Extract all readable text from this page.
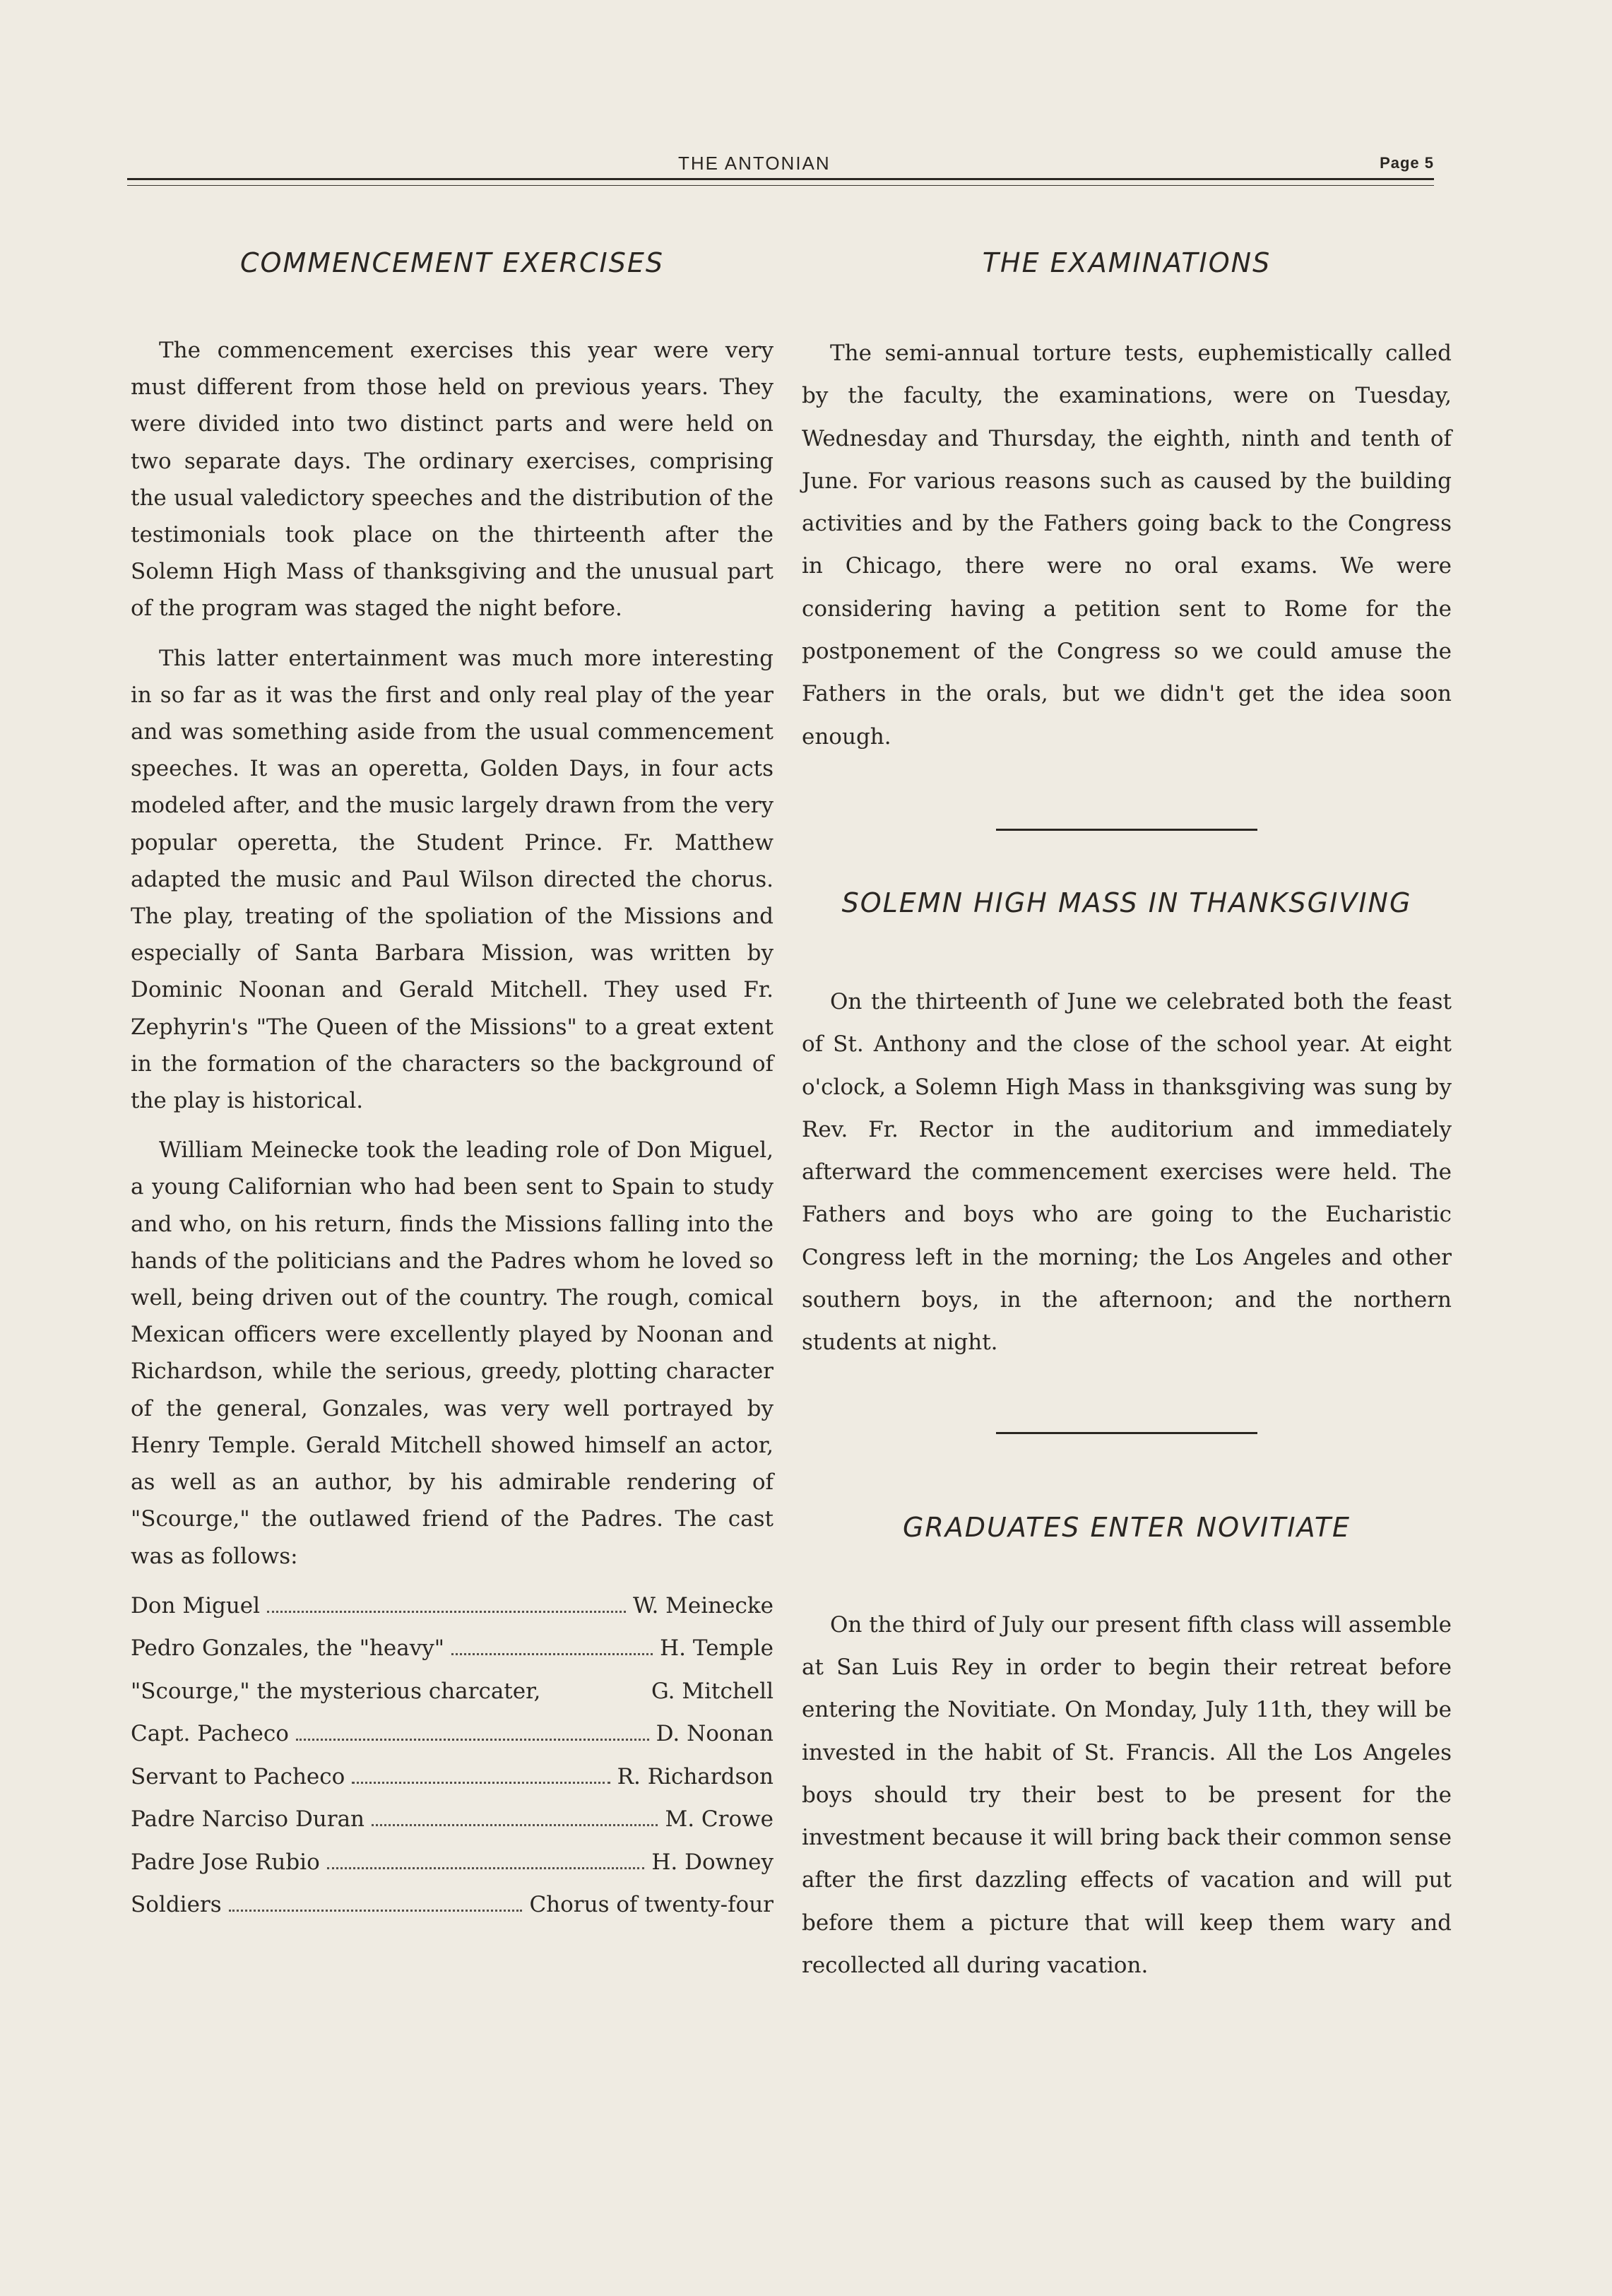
THE ANTONIAN	Page 5
COMMENCEMENT EXERCISES

The commencement exercises this year were very must different from those held on previous years. They were divided into two distinct parts and were held on two separate days. The ordinary exercises, comprising the usual valedictory speeches and the distribution of the testimonials took place on the thirteenth after the Solemn High Mass of thanksgiving and the unusual part of the program was staged the night before.

This latter entertainment was much more interesting in so far as it was the first and only real play of the year and was something aside from the usual commencement speeches. It was an operetta, Golden Days, in four acts modeled after, and the music largely drawn from the very popular operetta, the Student Prince. Fr. Matthew adapted the music and Paul Wilson directed the chorus. The play, treating of the spoliation of the Missions and especially of Santa Barbara Mission, was written by Dominic Noonan and Gerald Mitchell. They used Fr. Zephyrin's "The Queen of the Missions" to a great extent in the formation of the characters so the background of the play is historical.

William Meinecke took the leading role of Don Miguel, a young Californian who had been sent to Spain to study and who, on his return, finds the Missions falling into the hands of the politicians and the Padres whom he loved so well, being driven out of the country. The rough, comical Mexican officers were excellently played by Noonan and Richardson, while the serious, greedy, plotting character of the general, Gonzales, was very well portrayed by Henry Temple. Gerald Mitchell showed himself an actor, as well as an author, by his admirable rendering of "Scourge," the outlawed friend of the Padres. The cast was as follows:

Don Miguel	W. Meinecke
Pedro Gonzales, the "heavy"	H. Temple
"Scourge," the mysterious charcater,	G. Mitchell
Capt. Pacheco	D. Noonan
Servant to Pacheco	R. Richardson
Padre Narciso Duran	M. Crowe
Padre Jose Rubio	H. Downey
Soldiers	Chorus of twenty-four
THE EXAMINATIONS

The semi-annual torture tests, euphemistically called by the faculty, the examinations, were on Tuesday, Wednesday and Thursday, the eighth, ninth and tenth of June. For various reasons such as caused by the building activities and by the Fathers going back to the Congress in Chicago, there were no oral exams. We were considering having a petition sent to Rome for the postponement of the Congress so we could amuse the Fathers in the orals, but we didn't get the idea soon enough.

SOLEMN HIGH MASS IN THANKSGIVING

On the thirteenth of June we celebrated both the feast of St. Anthony and the close of the school year. At eight o'clock, a Solemn High Mass in thanksgiving was sung by Rev. Fr. Rector in the auditorium and immediately afterward the commencement exercises were held. The Fathers and boys who are going to the Eucharistic Congress left in the morning; the Los Angeles and other southern boys, in the afternoon; and the northern students at night.

GRADUATES ENTER NOVITIATE

On the third of July our present fifth class will assemble at San Luis Rey in order to begin their retreat before entering the Novitiate. On Monday, July 11th, they will be invested in the habit of St. Francis. All the Los Angeles boys should try their best to be present for the investment because it will bring back their common sense after the first dazzling effects of vacation and will put before them a picture that will keep them wary and recollected all during vacation.
